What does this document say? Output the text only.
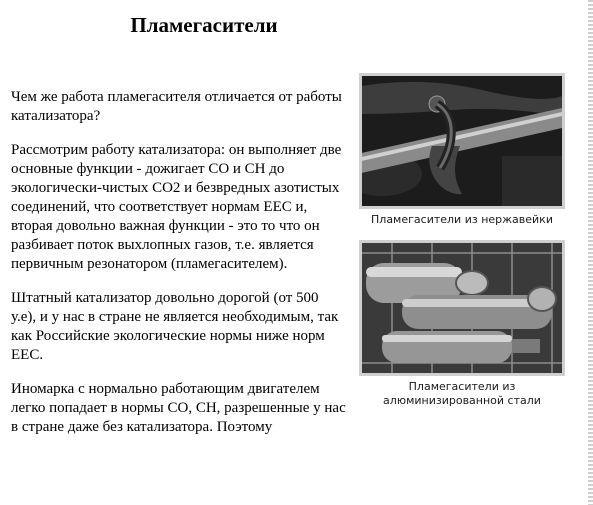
Пламегасители

Чем же работа пламегасителя отличается от работы катализатора?

Рассмотрим работу катализатора: он выполняет две основные функции - дожигает СО и СН до экологически-чистых СО2 и безвредных азотистых соединений, что соответствует нормам ЕЕС и, вторая довольно важная функции - это то что он разбивает поток выхлопных газов, т.е. является первичным резонатором (пламегасителем).

Штатный катализатор довольно дорогой (от 500 у.е), и у нас в стране не является необходимым, так как Российские экологические нормы ниже норм ЕЕС.

Иномарка с нормально работающим двигателем легко попадает в нормы СО, СН, разрешенные у нас в стране даже без катализатора. Поэтому

Пламегасители из нержавейки
Пламегасители из алюминизированной стали
